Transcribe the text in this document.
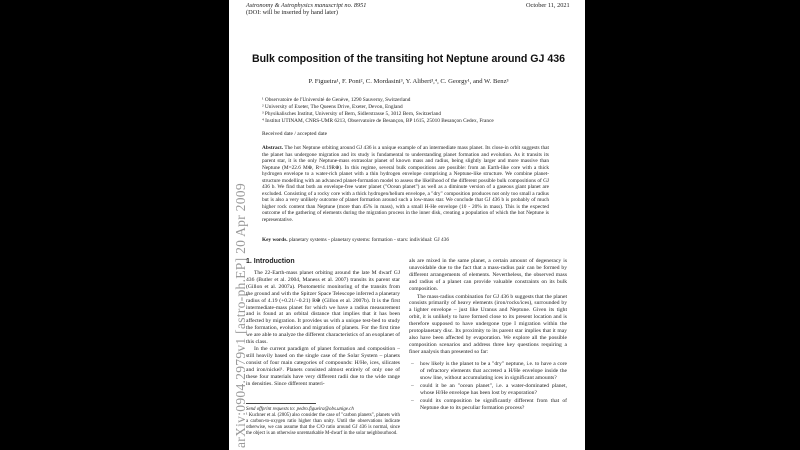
arXiv:0904.2979v1 [astro-ph.EP] 20 Apr 2009
Astronomy & Astrophysics manuscript no. 8951
(DOI: will be inserted by hand later)
October 11, 2021
Bulk composition of the transiting hot Neptune around GJ 436
P. Figueira¹, F. Pont², C. Mordasini³, Y. Alibert³,⁴, C. Georgy¹, and W. Benz³
¹ Observatoire de l'Université de Genève, 1290 Sauverny, Switzerland
² University of Exeter, The Queens Drive, Exeter, Devon, England
³ Physikalisches Institut, University of Bern, Sidlerstrasse 5, 3012 Bern, Switzerland
⁴ Institut UTINAM, CNRS-UMR 6213, Observatoire de Besançon, BP 1615, 25010 Besançon Cedex, France
Received date / accepted date
Abstract. The hot Neptune orbiting around GJ 436 is a unique example of an intermediate mass planet. Its close-in orbit suggests that the planet has undergone migration and its study is fundamental to understanding planet formation and evolution. As it transits its parent star, it is the only Neptune-mass extrasolar planet of known mass and radius, being slightly larger and more massive than Neptune (M=22.6 M⊕, R=4.19R⊕). In this regime, several bulk compositions are possible: from an Earth-like core with a thick hydrogen envelope to a water-rich planet with a thin hydrogen envelope comprising a Neptune-like structure. We combine planet-structure modelling with an advanced planet-formation model to assess the likelihood of the different possible bulk compositions of GJ 436 b. We find that both an envelope-free water planet ("Ocean planet") as well as a diminute version of a gaseous giant planet are excluded. Consisting of a rocky core with a thick hydrogen/helium envelope, a "dry" composition produces not only too small a radius but is also a very unlikely outcome of planet formation around such a low-mass star. We conclude that GJ 436 b is probably of much higher rock content than Neptune (more than 45% in mass), with a small H-He envelope (10 - 20% in mass). This is the expected outcome of the gathering of elements during the migration process in the inner disk, creating a population of which the hot Neptune is representative.
Key words. planetary systems - planetary systems: formation - stars: individual: GJ 436
1. Introduction

The 22-Earth-mass planet orbiting around the late M dwarf GJ 436 (Butler et al. 2004, Maness et al. 2007) transits its parent star (Gillon et al. 2007a). Photometric monitoring of the transits from the ground and with the Spitzer Space Telescope inferred a planetary radius of 4.19 (+0.21/−0.21) R⊕ (Gillon et al. 2007b). It is the first intermediate-mass planet for which we have a radius measurement and is found at an orbital distance that implies that it has been affected by migration. It provides us with a unique test-bed to study the formation, evolution and migration of planets. For the first time we are able to analyze the different characteristics of an exoplanet of this class.

In the current paradigm of planet formation and composition – still heavily based on the single case of the Solar System – planets consist of four main categories of compounds: H/He, ices, silicates and iron/nickel¹. Planets consisted almost entirely of only one of these four materials have very different radii due to the wide range in densities. Since different materi-

Send offprint requests to: pedro.figueira@obs.unige.ch

¹ Kuchner et al. (2005) also consider the case of "carbon planets", planets with a carbon-to-oxygen ratio higher than unity. Until the observations indicate otherwise, we can assume that the C/O ratio around GJ 436 is normal, since the object is an otherwise unremarkable M-dwarf in the solar neighbourhood.

als are mixed in the same planet, a certain amount of degeneracy is unavoidable due to the fact that a mass-radius pair can be formed by different arrangements of elements. Nevertheless, the observed mass and radius of a planet can provide valuable constraints on its bulk composition.

The mass-radius combination for GJ 436 b suggests that the planet consists primarily of heavy elements (iron/rocks/ices), surrounded by a lighter envelope – just like Uranus and Neptune. Given its tight orbit, it is unlikely to have formed close to its present location and is therefore supposed to have undergone type I migration within the protoplanetary disc. Its proximity to its parent star implies that it may also have been affected by evaporation. We explore all the possible composition scenarios and address three key questions requiring a finer analysis than presented so far:

– how likely is the planet to be a "dry" neptune, i.e. to have a core of refractory elements that accreted a H/He envelope inside the snow line, without accumulating ices in significant amounts?
– could it be an "ocean planet", i.e. a water-dominated planet, whose H/He envelope has been lost by evaporation?
– could its composition be significantly different from that of Neptune due to its peculiar formation process?
